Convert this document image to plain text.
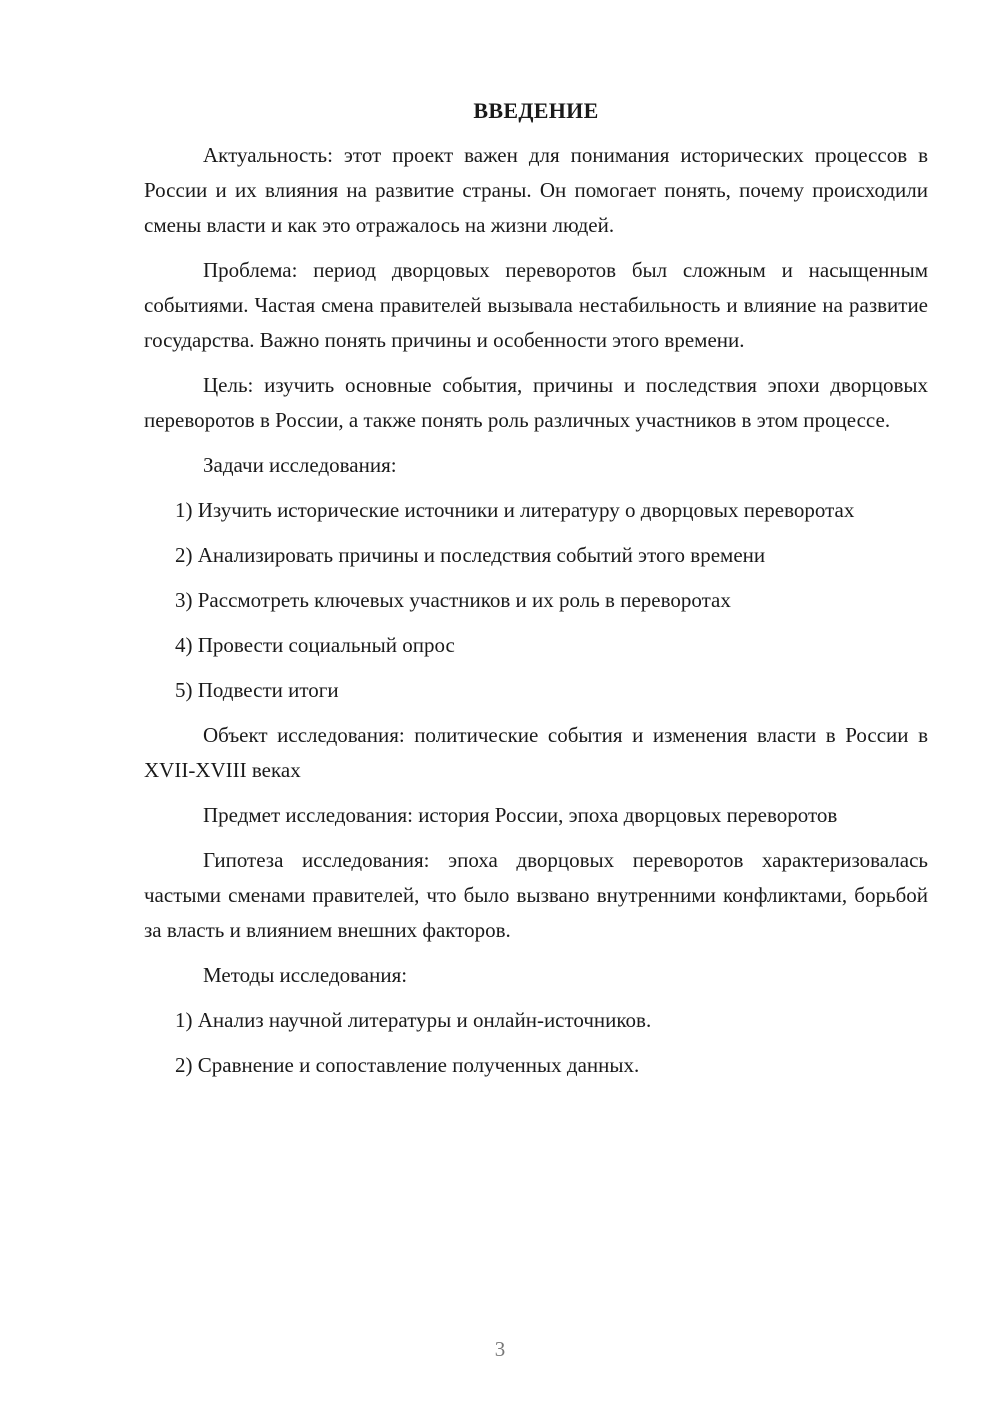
ВВЕДЕНИЕ

Актуальность: этот проект важен для понимания исторических процессов в России и их влияния на развитие страны. Он помогает понять, почему происходили смены власти и как это отражалось на жизни людей.

Проблема: период дворцовых переворотов был сложным и насыщенным событиями. Частая смена правителей вызывала нестабильность и влияние на развитие государства. Важно понять причины и особенности этого времени.

Цель: изучить основные события, причины и последствия эпохи дворцовых переворотов в России, а также понять роль различных участников в этом процессе.

Задачи исследования:

1) Изучить исторические источники и литературу о дворцовых переворотах

2) Анализировать причины и последствия событий этого времени

3) Рассмотреть ключевых участников и их роль в переворотах

4) Провести социальный опрос

5) Подвести итоги

Объект исследования: политические события и изменения власти в России в XVII-XVIII веках

Предмет исследования: история России, эпоха дворцовых переворотов

Гипотеза исследования: эпоха дворцовых переворотов характеризовалась частыми сменами правителей, что было вызвано внутренними конфликтами, борьбой за власть и влиянием внешних факторов.

Методы исследования:

1) Анализ научной литературы и онлайн-источников.

2) Сравнение и сопоставление полученных данных.

3
